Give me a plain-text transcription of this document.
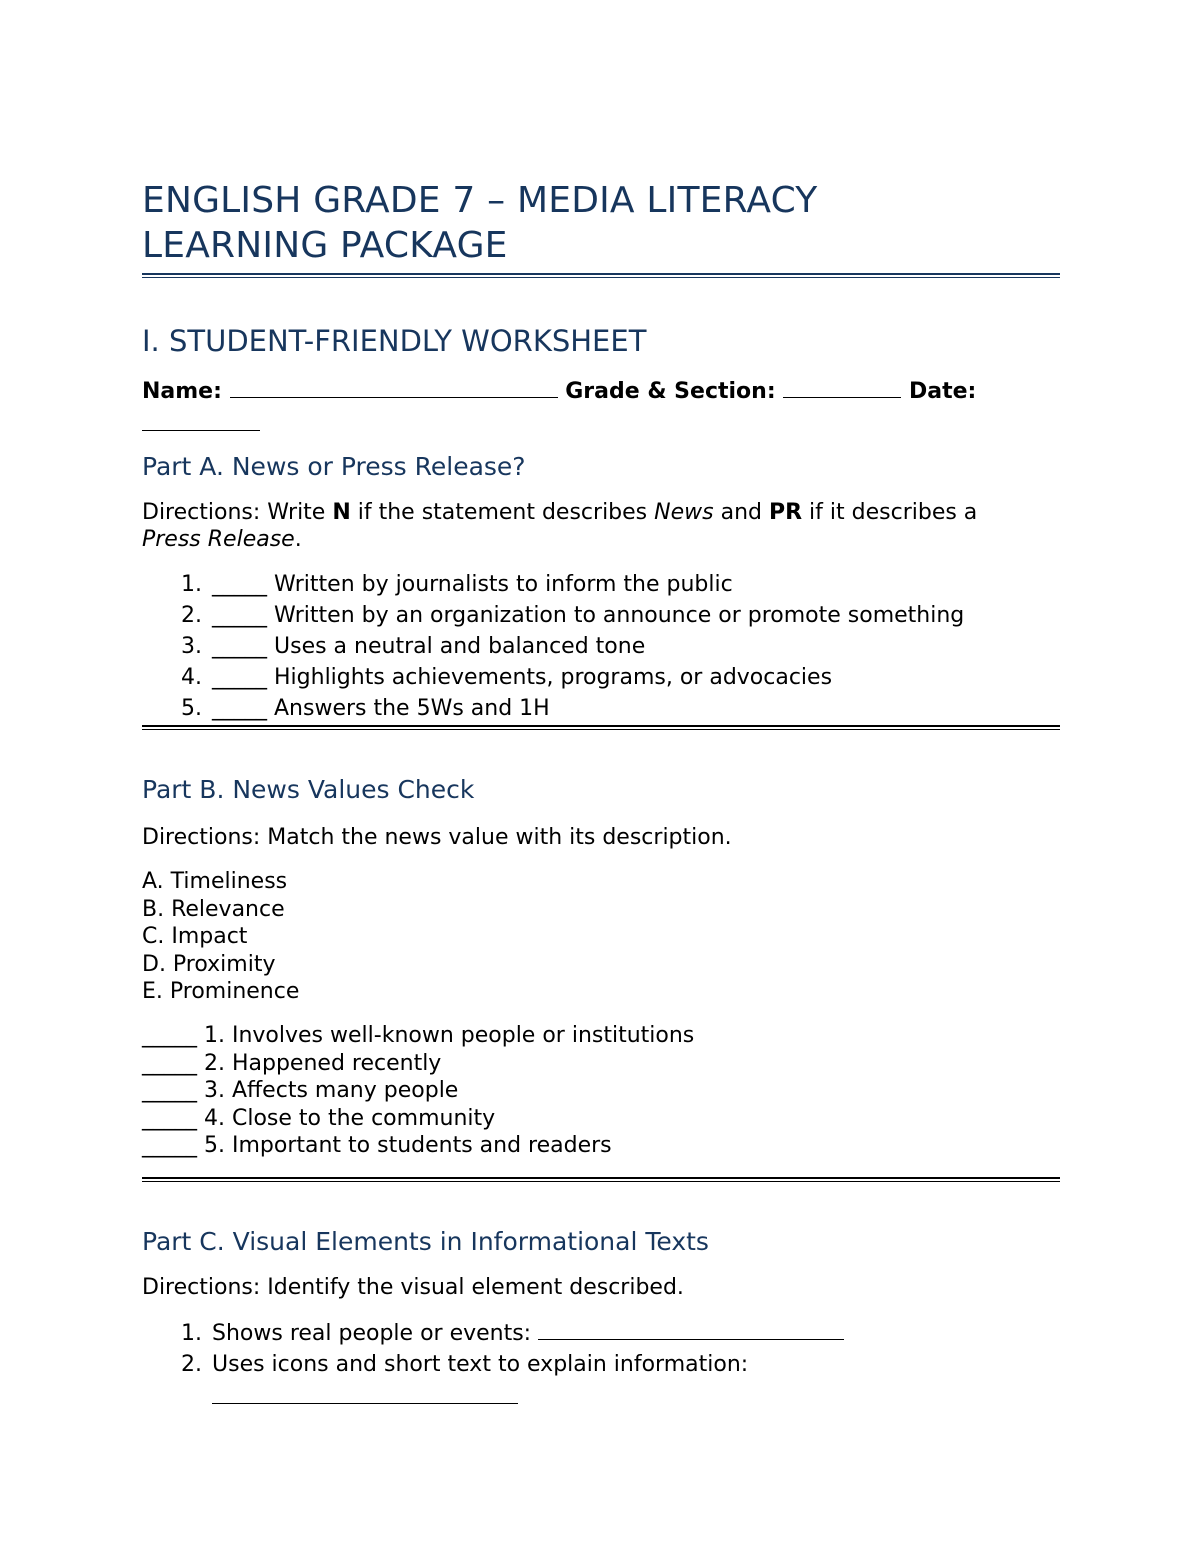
ENGLISH GRADE 7 – MEDIA LITERACY
LEARNING PACKAGE
I. STUDENT-FRIENDLY WORKSHEET
Name:	Grade & Section:	Date:
Part A. News or Press Release?
Directions: Write N if the statement describes News and PR if it describes a
Press Release.
1. _____ Written by journalists to inform the public
2. _____ Written by an organization to announce or promote something
3. _____ Uses a neutral and balanced tone
4. _____ Highlights achievements, programs, or advocacies
5. _____ Answers the 5Ws and 1H
Part B. News Values Check
Directions: Match the news value with its description.
A. Timeliness
B. Relevance
C. Impact
D. Proximity
E. Prominence
_____ 1. Involves well-known people or institutions
_____ 2. Happened recently
_____ 3. Affects many people
_____ 4. Close to the community
_____ 5. Important to students and readers
Part C. Visual Elements in Informational Texts
Directions: Identify the visual element described.
1. Shows real people or events:
2. Uses icons and short text to explain information:
